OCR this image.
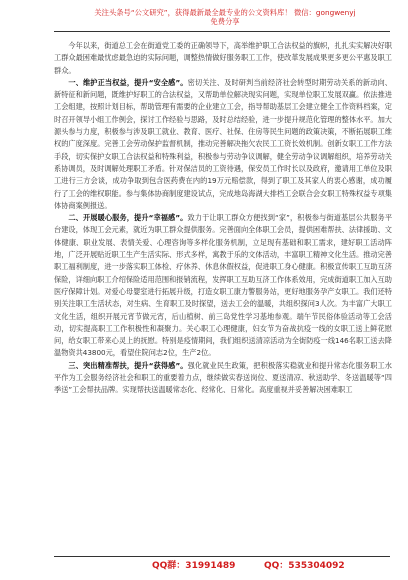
关注头条号“公文研究”，获得最新最全最专业的公文资料库！ 微信：gongwenyj
免费分享

今年以来，街道总工会在街道党工委的正确领导下，高举维护职工合法权益的旗帜，扎扎实实解决好职工群众最困难最忧虑最急迫的实际问题，调整热情做好服务职工工作，使改革发展成果更多更公平惠及职工群众。

一、维护正当权益，提升“安全感”。密切关注、及时研判当前经济社会转型时期劳动关系的新动向、新特征和新问题，既维护好职工的合法权益，又帮助单位解决现实问题，实现单位职工发展双赢。依法推进工会组建，按照计划目标，帮助管理有需要的企业建立工会，指导帮助基层工会建立健全工作资料档案，定时召开领导小组工作例会，探讨工作经验与思路，及时总结经验，进一步提升规范化管理的整体水平。加大源头参与力度，积极参与涉及职工就业、教育、医疗、社保、住房等民生问题的政策决策，不断拓展职工维权的广度深度。完善工会劳动保护监督机制，推动完善解决拖欠农民工工资长效机制。创新女职工工作方法手段，切实保护女职工合法权益和特殊利益，积极参与劳动争议调解，健全劳动争议调解组织，培养劳动关系协调员，及时调解处理职工矛盾。针对保洁员的工资待遇，保安员工作时长以及政府，邀请用工单位及职工进行三方会谈，成功争取到包含医药费在内的19万元赔偿款，得到了职工及其家人的衷心感谢，成功履行了工会的维权职能。参与集体协商制度建设试点，完成地岛海湖大排档工会联合会女职工特殊权益专项集体协商案例报送。

二、开展暖心服务，提升“幸福感”。致力于让职工群众方便找到“家”，积极参与街道基层公共服务平台建设，体现工会元素，就近为职工群众提供服务。完善面向全体职工会员，提供困难帮扶、法律援助、文体健康、职业发展、表情关爱、心理咨询等多样化服务机制，立足现有基础和职工需求，建好职工活动阵地，广泛开展贴近职工生产生活实际、形式多样，寓教于乐的文体活动，丰富职工精神文化生活。推动完善职工福利制度，进一步落实职工体检、疗休养、休息休假权益，促进职工身心健康。积极宣传职工互助互济保险，详细向职工介绍保险适用范围和报销流程，发挥职工互助互济工作体系效用，完成街道职工加入互助医疗保障计划。对爱心母婴室进行拓展升级，打造女职工康力警服务站，更好地服务孕产女职工。我们还特别关注职工生活状态，对生病、生育职工及时探望，送去工会的温暖，共组织探问3人次。为丰富广大职工文化生活，组织开展元宵节做元宵，后山植树、前三岛党性学习基地参观。端午节民俗体验活动等工会活动，切实提高职工工作积极性和凝聚力。关心职工心理健康，妇女节为奋战抗疫一线的女职工送上鲜花慰问，给女职工带来心灵上的抚慰。特别是疫情期间，我们组织送清凉活动为全街防疫一线146名职工送去降温物资共43800元，看望住院问志2位，生产2位。

三、突出精准帮扶，提升“获得感”。强化就业民生政策，把积极落实稳就业和提升常态化服务职工水平作为工会服务经济社会和职工的重要着力点，继续做实春送岗位、夏送清凉、秋送助学、冬送温暖等“四季送”工会帮扶品牌。实现帮扶送温暖常态化、经常化、日常化。高度重视并妥善解决困难职工

QQ群：31991489	QQ：535304092
